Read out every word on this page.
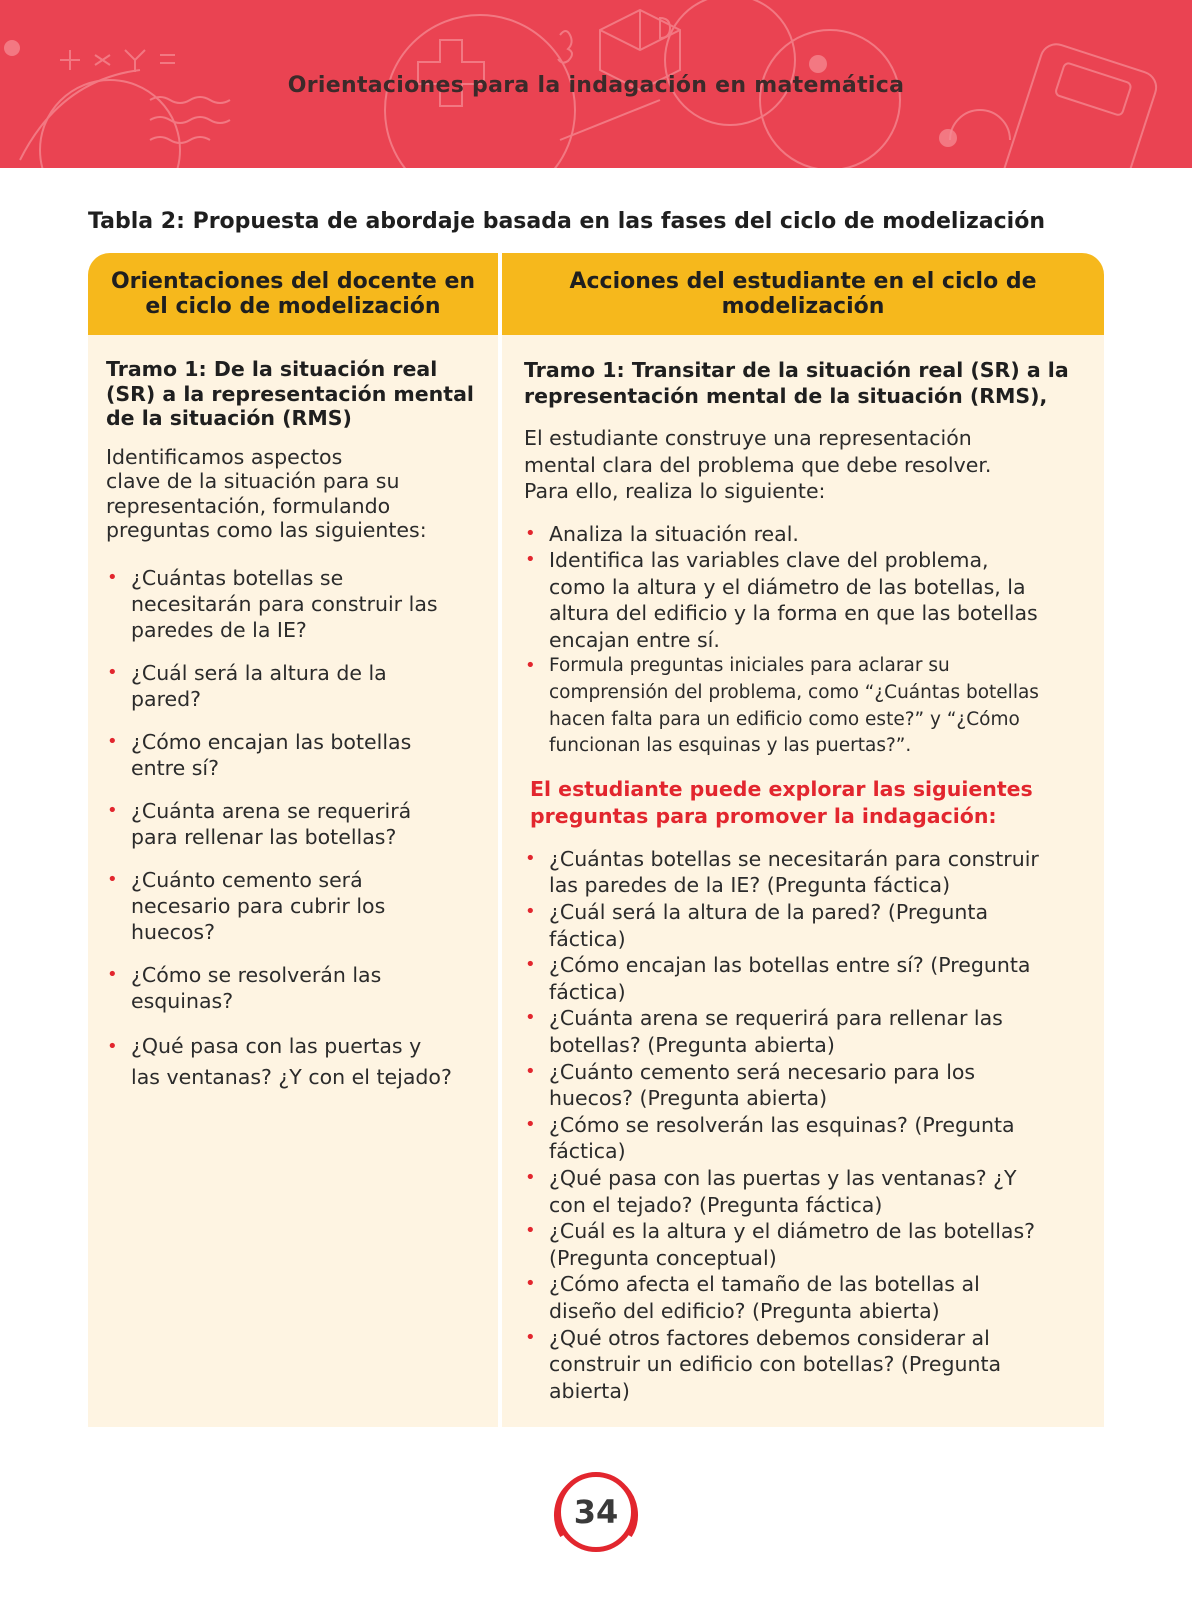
Orientaciones para la indagación en matemática
Tabla 2: Propuesta de abordaje basada en las fases del ciclo de modelización
Orientaciones del docente en
el ciclo de modelización
Acciones del estudiante en el ciclo de
modelización
Tramo 1: De la situación real
(SR) a la representación mental
de la situación (RMS)
Identificamos aspectos
clave de la situación para su
representación, formulando
preguntas como las siguientes:
• ¿Cuántas botellas se
necesitarán para construir las
paredes de la IE?
• ¿Cuál será la altura de la
pared?
• ¿Cómo encajan las botellas
entre sí?
• ¿Cuánta arena se requerirá
para rellenar las botellas?
• ¿Cuánto cemento será
necesario para cubrir los
huecos?
• ¿Cómo se resolverán las
esquinas?
• ¿Qué pasa con las puertas y
las ventanas? ¿Y con el tejado?
Tramo 1: Transitar de la situación real (SR) a la
representación mental de la situación (RMS),
El estudiante construye una representación
mental clara del problema que debe resolver.
Para ello, realiza lo siguiente:
• Analiza la situación real.
• Identifica las variables clave del problema,
como la altura y el diámetro de las botellas, la
altura del edificio y la forma en que las botellas
encajan entre sí.
• Formula preguntas iniciales para aclarar su
comprensión del problema, como “¿Cuántas botellas
hacen falta para un edificio como este?” y “¿Cómo
funcionan las esquinas y las puertas?”.
El estudiante puede explorar las siguientes
preguntas para promover la indagación:
• ¿Cuántas botellas se necesitarán para construir
las paredes de la IE? (Pregunta fáctica)
• ¿Cuál será la altura de la pared? (Pregunta
fáctica)
• ¿Cómo encajan las botellas entre sí? (Pregunta
fáctica)
• ¿Cuánta arena se requerirá para rellenar las
botellas? (Pregunta abierta)
• ¿Cuánto cemento será necesario para los
huecos? (Pregunta abierta)
• ¿Cómo se resolverán las esquinas? (Pregunta
fáctica)
• ¿Qué pasa con las puertas y las ventanas? ¿Y
con el tejado? (Pregunta fáctica)
• ¿Cuál es la altura y el diámetro de las botellas?
(Pregunta conceptual)
• ¿Cómo afecta el tamaño de las botellas al
diseño del edificio? (Pregunta abierta)
• ¿Qué otros factores debemos considerar al
construir un edificio con botellas? (Pregunta
abierta)
34
